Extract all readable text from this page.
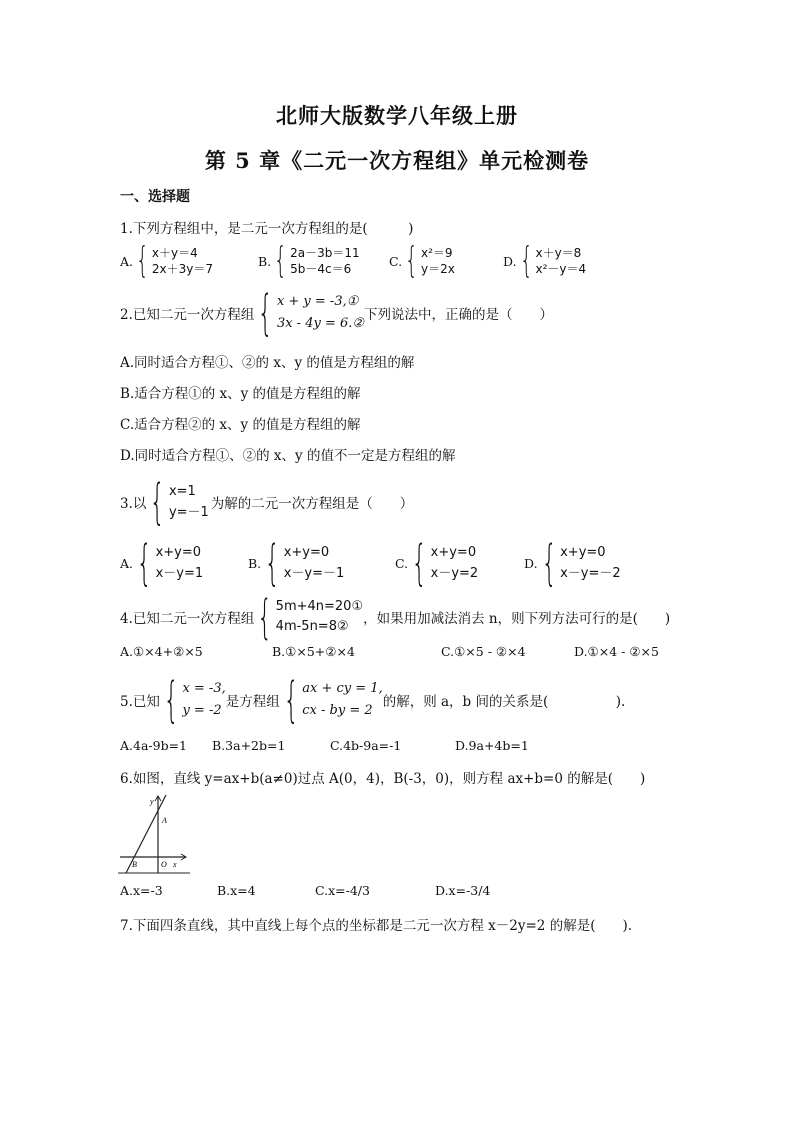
北师大版数学八年级上册
第 5 章《二元一次方程组》单元检测卷
一、选择题
1.下列方程组中，是二元一次方程组的是(　　　)
A. { x＋y＝4
2x＋3y＝7
B. { 2a－3b＝11
5b－4c＝6
C. { x²＝9
y＝2x
D. { x＋y＝8
x²－y＝4
2.已知二元一次方程组 { x + y = -3,①
3x - 4y = 6.②
下列说法中，正确的是（　　）
A.同时适合方程①、②的 x、y 的值是方程组的解
B.适合方程①的 x、y 的值是方程组的解
C.适合方程②的 x、y 的值是方程组的解
D.同时适合方程①、②的 x、y 的值不一定是方程组的解
3.以 { x=1
y=－1
为解的二元一次方程组是（　　）
A. { x+y=0
x－y=1
B. { x+y=0
x－y=－1
C. { x+y=0
x－y=2
D. { x+y=0
x－y=－2
4.已知二元一次方程组 { 5m+4n=20①
4m-5n=8②	，如果用加减法消去 n，则下列方法可行的是(　　)
A.①×4+②×5	B.①×5+②×4	C.①×5 - ②×4	D.①×4 - ②×5
5.已知 { x = -3,
y = -2
是方程组 { ax + cy = 1,
cx - by = 2
的解，则 a，b 间的关系是(　　　　　).
A.4a-9b=1 B.3a+2b=1	C.4b-9a=-1	D.9a+4b=1
6.如图，直线 y=ax+b(a≠0)过点 A(0，4)，B(-3，0)，则方程 ax+b=0 的解是(　　)
y
A
B	O x
A.x=-3	B.x=4	C.x=-4/3	D.x=-3/4
7.下面四条直线，其中直线上每个点的坐标都是二元一次方程 x－2y=2 的解是(　　).
